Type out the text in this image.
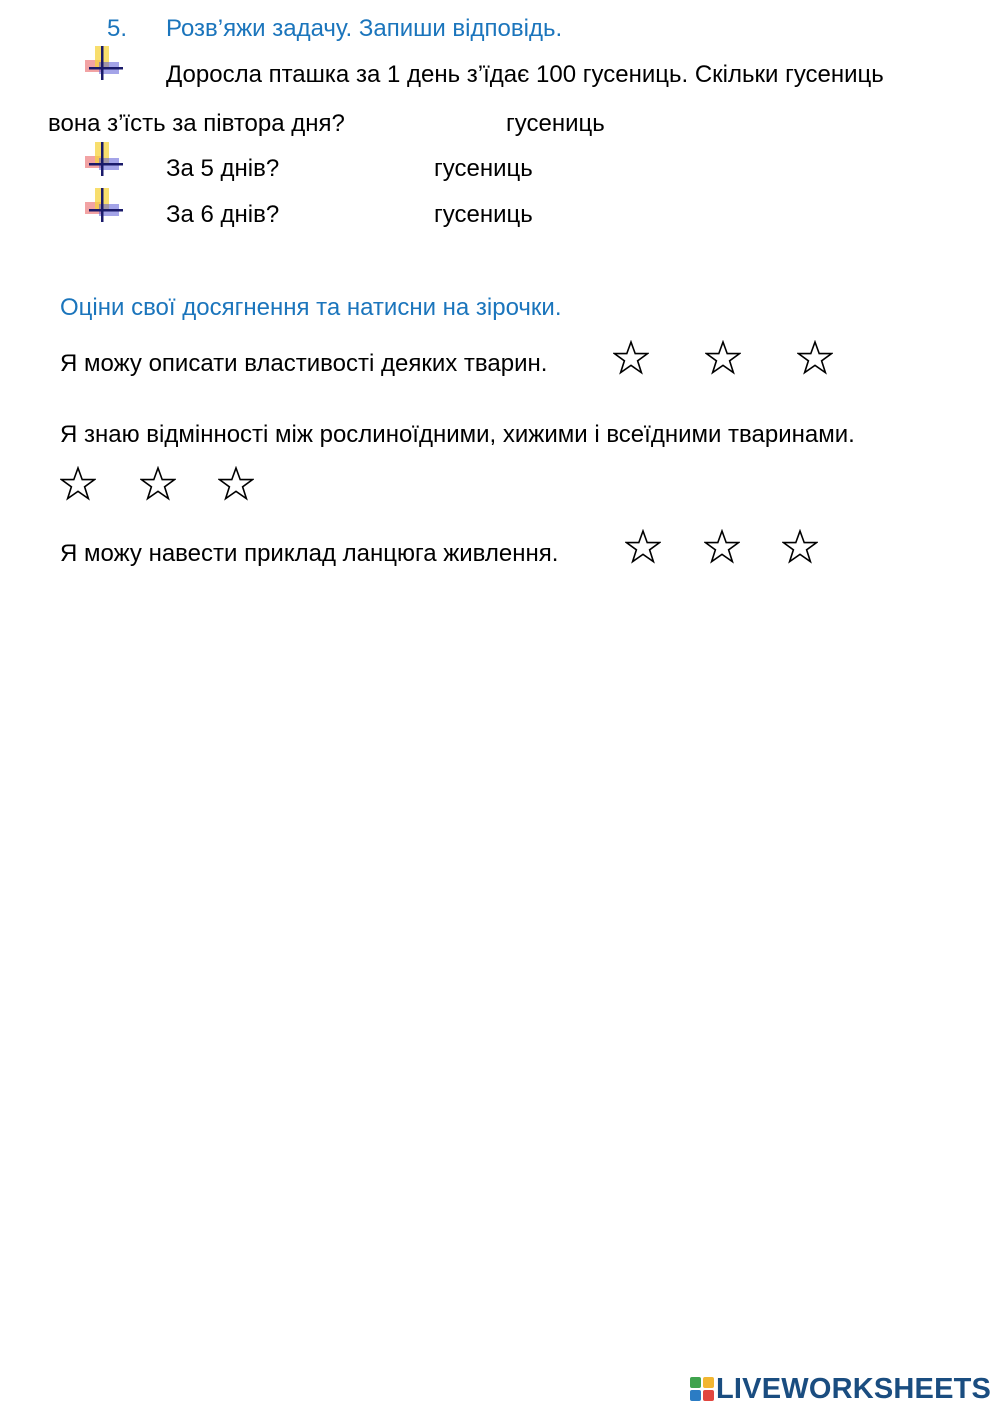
5. Розв’яжи задачу. Запиши відповідь.
Доросла пташка за 1 день з’їдає 100 гусениць. Скільки гусениць
вона з’їсть за півтора дня?	гусениць
За 5 днів?	гусениць
За 6 днів?	гусениць
Оціни свої досягнення та натисни на зірочки.
Я можу описати властивості деяких тварин.
Я знаю відмінності між рослиноїдними, хижими і всеїдними тваринами.
Я можу навести приклад ланцюга живлення.
LIVEWORKSHEETS
